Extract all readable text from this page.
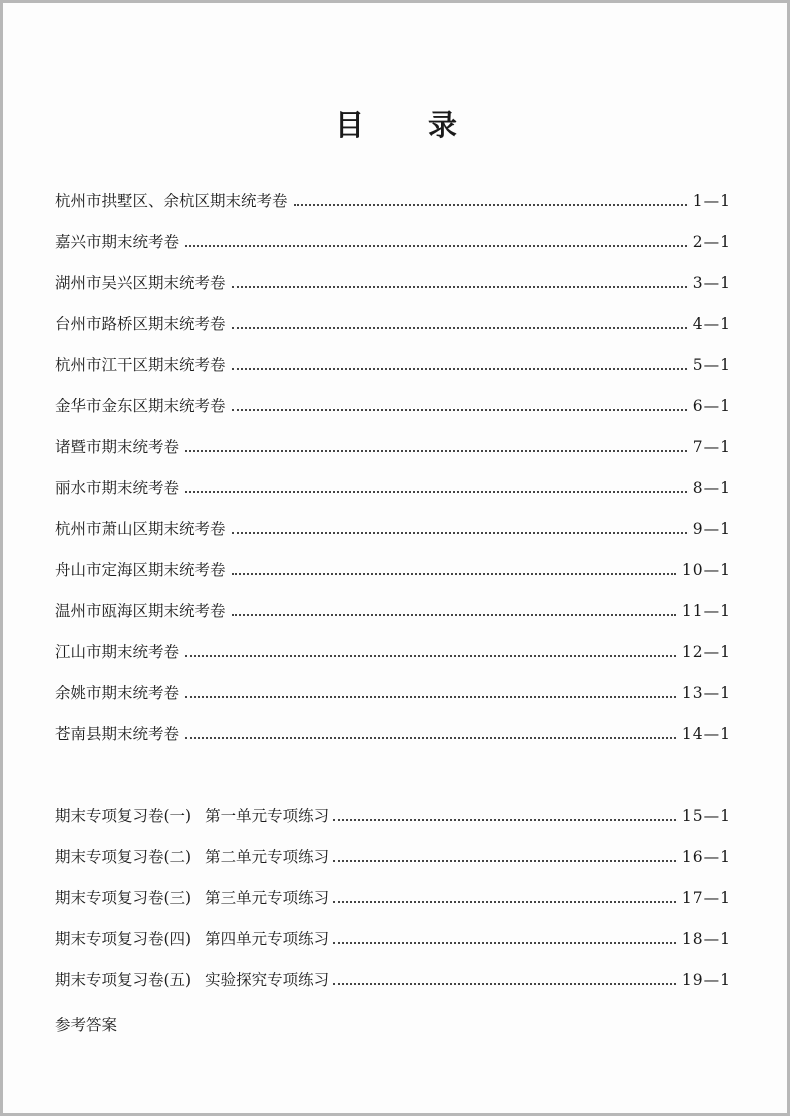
目 录
杭州市拱墅区、余杭区期末统考卷	1—1
嘉兴市期末统考卷	2—1
湖州市吴兴区期末统考卷	3—1
台州市路桥区期末统考卷	4—1
杭州市江干区期末统考卷	5—1
金华市金东区期末统考卷	6—1
诸暨市期末统考卷	7—1
丽水市期末统考卷	8—1
杭州市萧山区期末统考卷	9—1
舟山市定海区期末统考卷	10—1
温州市瓯海区期末统考卷	11—1
江山市期末统考卷	12—1
余姚市期末统考卷	13—1
苍南县期末统考卷	14—1
期末专项复习卷(一) 第一单元专项练习	15—1
期末专项复习卷(二) 第二单元专项练习	16—1
期末专项复习卷(三) 第三单元专项练习	17—1
期末专项复习卷(四) 第四单元专项练习	18—1
期末专项复习卷(五) 实验探究专项练习	19—1
参考答案
